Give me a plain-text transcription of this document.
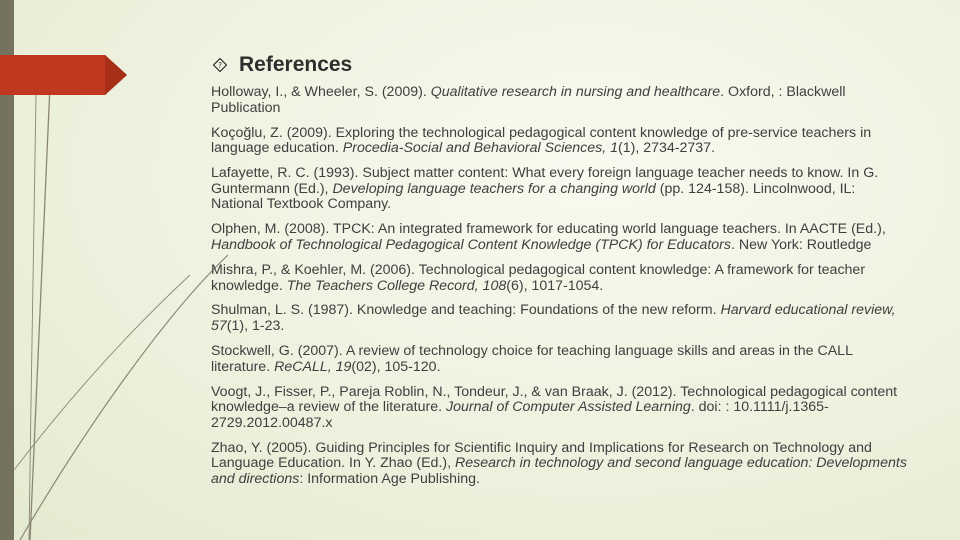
? References

Holloway, I., & Wheeler, S. (2009). Qualitative research in nursing and healthcare. Oxford, : Blackwell Publication

Koçoğlu, Z. (2009). Exploring the technological pedagogical content knowledge of pre-service teachers in language education. Procedia-Social and Behavioral Sciences, 1(1), 2734-2737.

Lafayette, R. C. (1993). Subject matter content: What every foreign language teacher needs to know. In G. Guntermann (Ed.), Developing language teachers for a changing world (pp. 124-158). Lincolnwood, IL: National Textbook Company.

Olphen, M. (2008). TPCK: An integrated framework for educating world language teachers. In AACTE (Ed.), Handbook of Technological Pedagogical Content Knowledge (TPCK) for Educators. New York: Routledge

Mishra, P., & Koehler, M. (2006). Technological pedagogical content knowledge: A framework for teacher knowledge. The Teachers College Record, 108(6), 1017-1054.

Shulman, L. S. (1987). Knowledge and teaching: Foundations of the new reform. Harvard educational review, 57(1), 1-23.

Stockwell, G. (2007). A review of technology choice for teaching language skills and areas in the CALL literature. ReCALL, 19(02), 105-120.

Voogt, J., Fisser, P., Pareja Roblin, N., Tondeur, J., & van Braak, J. (2012). Technological pedagogical content knowledge–a review of the literature. Journal of Computer Assisted Learning. doi: : 10.1111/j.1365-2729.2012.00487.x

Zhao, Y. (2005). Guiding Principles for Scientific Inquiry and Implications for Research on Technology and Language Education. In Y. Zhao (Ed.), Research in technology and second language education: Developments and directions: Information Age Publishing.
